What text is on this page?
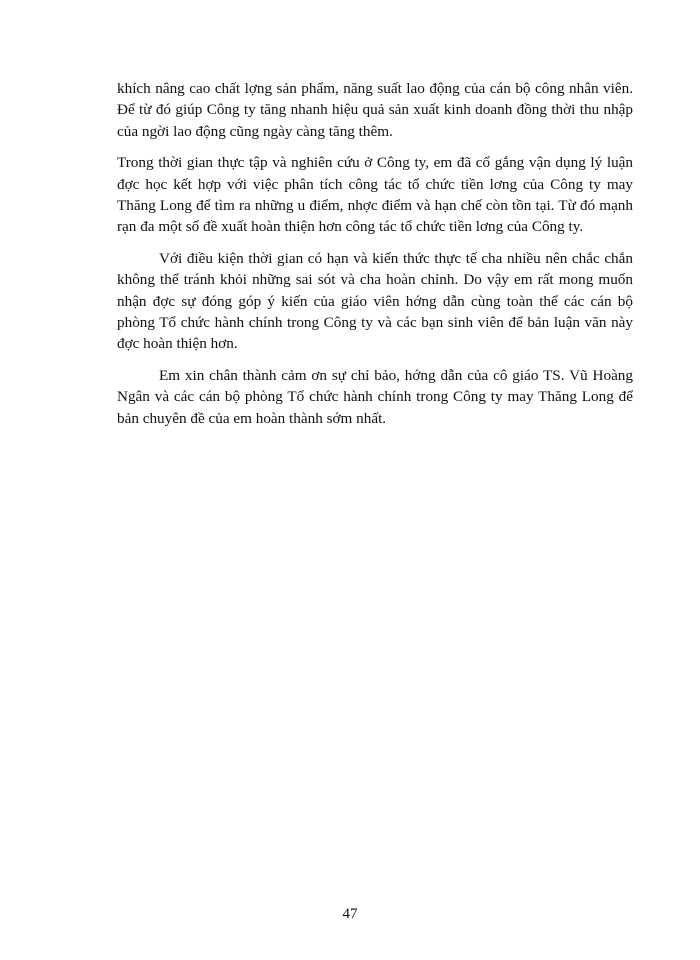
khích nâng cao chất lợng sản phẩm, năng suất lao động của cán bộ công nhân viên. Để từ đó giúp Công ty tăng nhanh hiệu quả sản xuất kinh doanh đồng thời thu nhập của ngời lao động cũng ngày càng tăng thêm.

Trong thời gian thực tập và nghiên cứu ở Công ty, em đã cố gắng vận dụng lý luận đợc học kết hợp với việc phân tích công tác tổ chức tiền lơng của Công ty may Thăng Long để tìm ra những u điểm, nhợc điểm và hạn chế còn tồn tại. Từ đó mạnh rạn đa một số đề xuất hoàn thiện hơn công tác tổ chức tiền lơng của Công ty.

Với điều kiện thời gian có hạn và kiến thức thực tế cha nhiều nên chắc chắn không thể tránh khỏi những sai sót và cha hoàn chỉnh. Do vậy em rất mong muốn nhận đợc sự đóng góp ý kiến của giáo viên hớng dẫn cùng toàn thể các cán bộ phòng Tổ chức hành chính trong Công ty và các bạn sinh viên để bản luận văn này đợc hoàn thiện hơn.

Em xin chân thành cảm ơn sự chỉ bảo, hớng dẫn của cô giáo TS. Vũ Hoàng Ngân và các cán bộ phòng Tổ chức hành chính trong Công ty may Thăng Long để bản chuyên đề của em hoàn thành sớm nhất.

47
